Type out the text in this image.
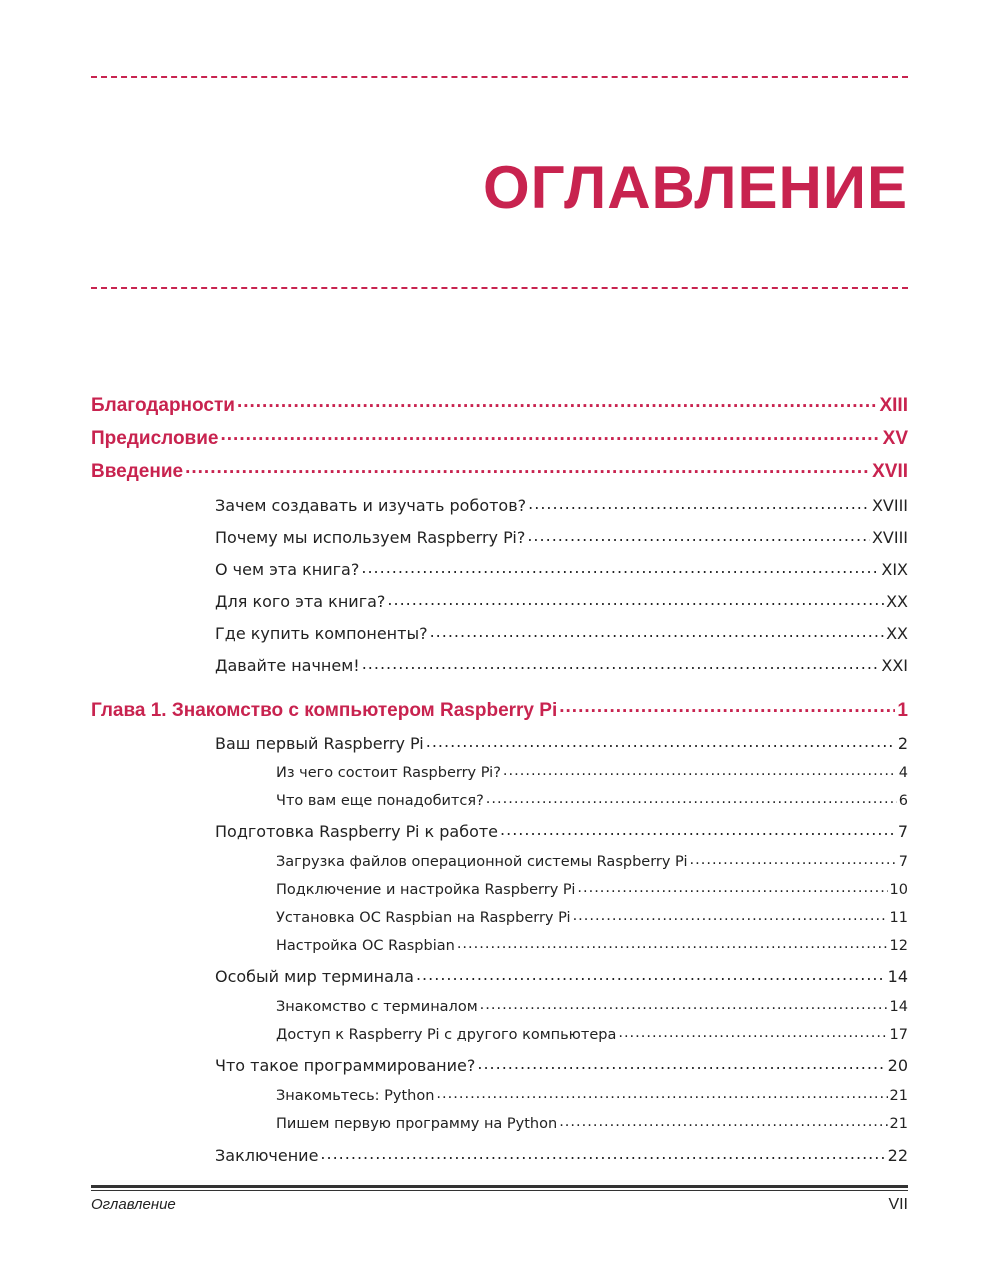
ОГЛАВЛЕНИЕ
Благодарности .....	XIII
Предисловие .....	XV
Введение .....	XVII
Зачем создавать и изучать роботов? .....	XVIII
Почему мы используем Raspberry Pi? .....	XVIII
О чем эта книга? .....	XIX
Для кого эта книга? .....	XX
Где купить компоненты? .....	XX
Давайте начнем! .....	XXI
Глава 1. Знакомство с компьютером Raspberry Pi .....	1
Ваш первый Raspberry Pi .....	2
Из чего состоит Raspberry Pi? .....	4
Что вам еще понадобится? .....	6
Подготовка Raspberry Pi к работе .....	7
Загрузка файлов операционной системы Raspberry Pi .....	7
Подключение и настройка Raspberry Pi .....	10
Установка ОС Raspbian на Raspberry Pi .....	11
Настройка ОС Raspbian .....	12
Особый мир терминала .....	14
Знакомство с терминалом .....	14
Доступ к Raspberry Pi с другого компьютера .....	17
Что такое программирование? .....	20
Знакомьтесь: Python .....	21
Пишем первую программу на Python .....	21
Заключение .....	22
Оглавление	VII
